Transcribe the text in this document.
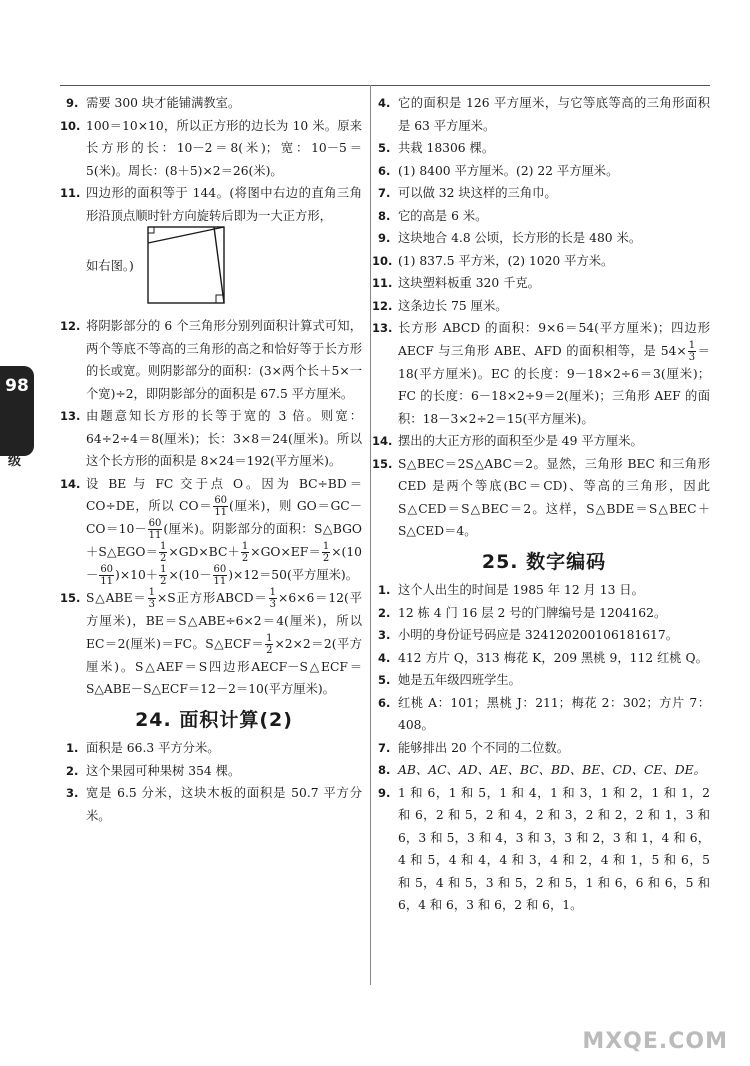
98
五年级
9. 需要 300 块才能铺满教室。

10. 100＝10×10，所以正方形的边长为 10 米。原来长方形的长：10－2＝8(米)；宽：10－5＝5(米)。周长：(8＋5)×2＝26(米)。

11. 四边形的面积等于 144。(将图中右边的直角三角形沿顶点顺时针方向旋转后即为一大正方形，

如右图。)
12. 将阴影部分的 6 个三角形分别列面积计算式可知，两个等底不等高的三角形的高之和恰好等于长方形的长或宽。则阴影部分的面积：(3×两个长＋5×一个宽)÷2，即阴影部分的面积是 67.5 平方厘米。

13. 由题意知长方形的长等于宽的 3 倍。则宽：64÷2÷4＝8(厘米)；长：3×8＝24(厘米)。所以这个长方形的面积是 8×24＝192(平方厘米)。

14. 设 BE 与 FC 交于点 O。因为 BC÷BD＝CO÷DE，所以 $CO= \frac{60}{11}$ (厘米)，则 $GO=GC-CO=10- \frac{60}{11}$ (厘米)。阴影部分的面积：S△BGO＋S△EGO＝ $\frac{1}{2} \times GD\times BC+ \frac{1}{2} \times GO\times EF= \frac{1}{2} \times(10- \frac{60}{11} )\times 10+ \frac{1}{2} \times(10- \frac{60}{11} )\times 12=50$(平方厘米)。

15. S△ABE＝ $\frac{1}{3} \times S$正方形ABCD＝ $\frac{1}{3} \times 6\times 6=12$(平方厘米)，BE＝S△ABE÷6×2＝4(厘米)，所以 EC＝2(厘米)＝FC。S△ECF＝ $\frac{1}{2} \times 2\times 2=2$(平方厘米)。S△AEF＝S四边形AECF－S△ECF＝S△ABE－S△ECF＝12－2＝10(平方厘米)。

24. 面积计算(2)
1. 面积是 66.3 平方分米。

2. 这个果园可种果树 354 棵。

3. 宽是 6.5 分米，这块木板的面积是 50.7 平方分米。

4. 它的面积是 126 平方厘米，与它等底等高的三角形面积是 63 平方厘米。

5. 共栽 18306 棵。

6. (1) 8400 平方厘米。(2) 22 平方厘米。

7. 可以做 32 块这样的三角巾。

8. 它的高是 6 米。

9. 这块地合 4.8 公顷，长方形的长是 480 米。

10. (1) 837.5 平方米，(2) 1020 平方米。

11. 这块塑料板重 320 千克。

12. 这条边长 75 厘米。

13. 长方形 ABCD 的面积：9×6＝54(平方厘米)；四边形 AECF 与三角形 ABE、AFD 的面积相等，是 $54\times \frac{1}{3} =18$(平方厘米)。EC 的长度：9－18×2÷6＝3(厘米)；FC 的长度：6－18×2÷9＝2(厘米)；三角形 AEF 的面积：18－3×2÷2＝15(平方厘米)。

14. 摆出的大正方形的面积至少是 49 平方厘米。

15. S△BEC＝2S△ABC＝2。显然，三角形 BEC 和三角形 CED 是两个等底(BC＝CD)、等高的三角形，因此 S△CED＝S△BEC＝2。这样，S△BDE＝S△BEC＋S△CED＝4。

25. 数字编码
1. 这个人出生的时间是 1985 年 12 月 13 日。

2. 12 栋 4 门 16 层 2 号的门牌编号是 1204162。

3. 小明的身份证号码应是 32412020010618161​7。

4. 412 方片 Q，313 梅花 K，209 黑桃 9，112 红桃 Q。

5. 她是五年级四班学生。

6. 红桃 A：101；黑桃 J：211；梅花 2：302；方片 7：408。

7. 能够排出 20 个不同的二位数。

8. AB、AC、AD、AE、BC、BD、BE、CD、CE、DE。

9. 1 和 6，1 和 5，1 和 4，1 和 3，1 和 2，1 和 1，2 和 6，2 和 5，2 和 4，2 和 3，2 和 2，2 和 1，3 和 6，3 和 5，3 和 4，3 和 3，3 和 2，3 和 1，4 和 6，4 和 5，4 和 4，4 和 3，4 和 2，4 和 1，5 和 6，5 和 5，4 和 5，3 和 5，2 和 5，1 和 6，6 和 6，5 和 6，4 和 6，3 和 6，2 和 6，1。

MXQE.COM
